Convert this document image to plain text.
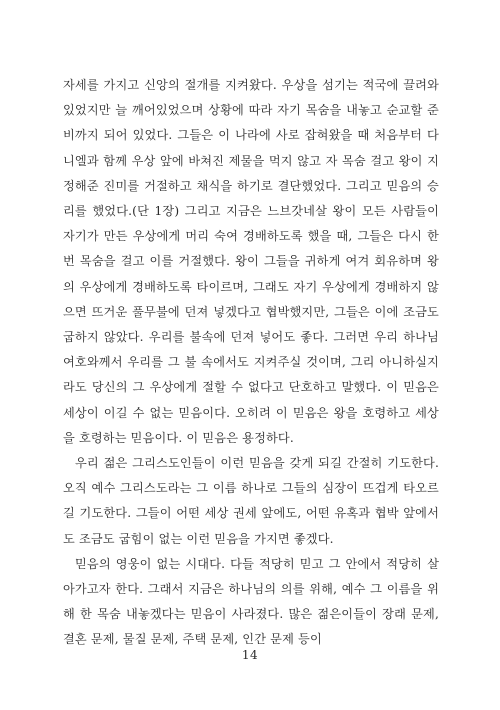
자세를 가지고 신앙의 절개를 지켜왔다. 우상을 섬기는 적국에 끌려와 있었지만 늘 깨어있었으며 상황에 따라 자기 목숨을 내놓고 순교할 준비까지 되어 있었다. 그들은 이 나라에 사로 잡혀왔을 때 처음부터 다니엘과 함께 우상 앞에 바쳐진 제물을 먹지 않고 자 목숨 걸고 왕이 지정해준 진미를 거절하고 채식을 하기로 결단했었다. 그리고 믿음의 승리를 했었다.(단 1장) 그리고 지금은 느브갓네살 왕이 모든 사람들이 자기가 만든 우상에게 머리 숙여 경배하도록 했을 때, 그들은 다시 한 번 목숨을 걸고 이를 거절했다. 왕이 그들을 귀하게 여겨 회유하며 왕의 우상에게 경배하도록 타이르며, 그래도 자기 우상에게 경배하지 않으면 뜨거운 풀무불에 던져 넣겠다고 협박했지만, 그들은 이에 조금도 굽하지 않았다. 우리를 불속에 던져 넣어도 좋다. 그러면 우리 하나님 여호와께서 우리를 그 불 속에서도 지켜주실 것이며, 그리 아니하실지라도 당신의 그 우상에게 절할 수 없다고 단호하고 말했다. 이 믿음은 세상이 이길 수 없는 믿음이다. 오히려 이 믿음은 왕을 호령하고 세상을 호령하는 믿음이다. 이 믿음은 용정하다.

우리 젊은 그리스도인들이 이런 믿음을 갖게 되길 간절히 기도한다. 오직 예수 그리스도라는 그 이름 하나로 그들의 심장이 뜨겁게 타오르길 기도한다. 그들이 어떤 세상 권세 앞에도, 어떤 유혹과 협박 앞에서도 조금도 굽힘이 없는 이런 믿음을 가지면 좋겠다.

믿음의 영웅이 없는 시대다. 다들 적당히 믿고 그 안에서 적당히 살아가고자 한다. 그래서 지금은 하나님의 의를 위해, 예수 그 이름을 위해 한 목숨 내놓겠다는 믿음이 사라졌다. 많은 젊은이들이 장래 문제, 결혼 문제, 물질 문제, 주택 문제, 인간 문제 등이

14
